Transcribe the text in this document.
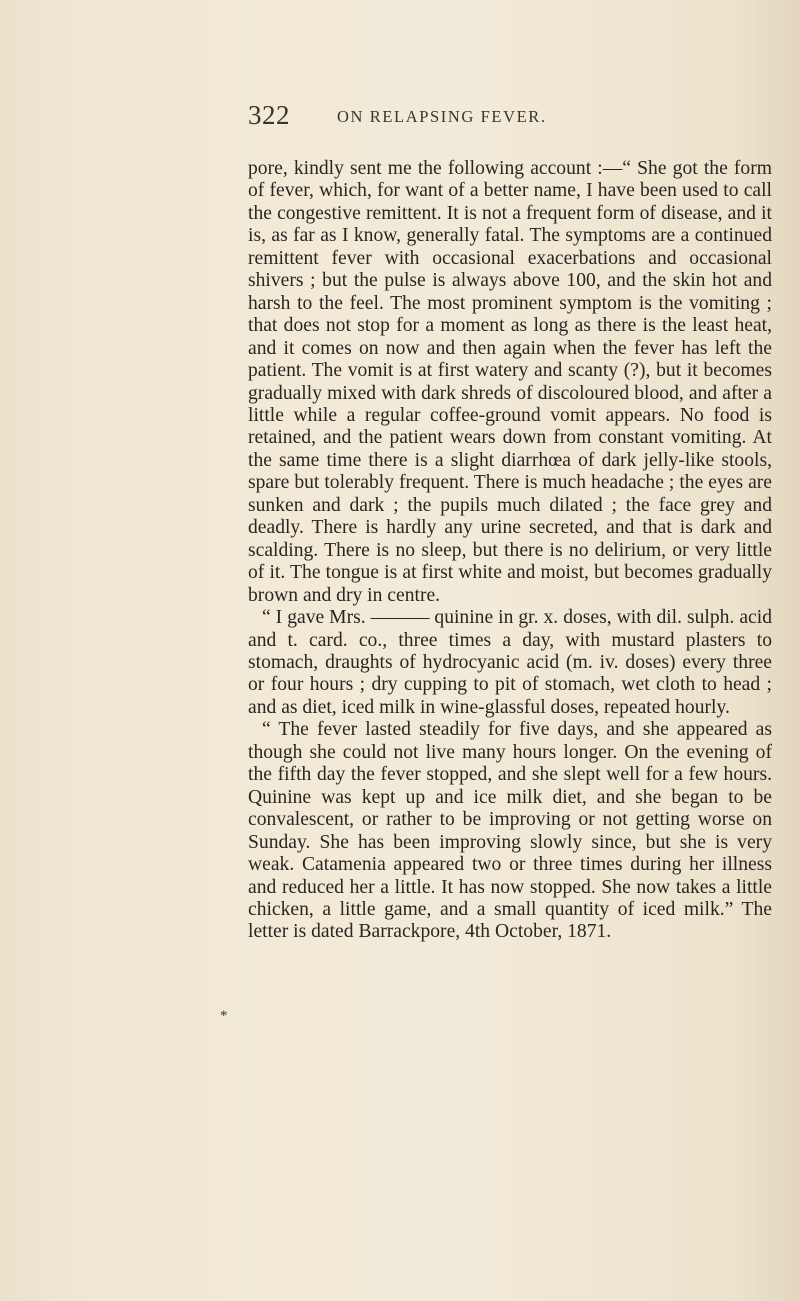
322	ON RELAPSING FEVER.

pore, kindly sent me the following account :—“ She got the form of fever, which, for want of a better name, I have been used to call the congestive remittent. It is not a frequent form of disease, and it is, as far as I know, generally fatal. The symptoms are a continued remittent fever with occasional exacerbations and occasional shivers ; but the pulse is always above 100, and the skin hot and harsh to the feel. The most prominent symptom is the vomiting ; that does not stop for a moment as long as there is the least heat, and it comes on now and then again when the fever has left the patient. The vomit is at first watery and scanty (?), but it becomes gradually mixed with dark shreds of discoloured blood, and after a little while a regular coffee-ground vomit appears. No food is retained, and the patient wears down from constant vomiting. At the same time there is a slight diarrhœa of dark jelly-like stools, spare but tolerably frequent. There is much headache ; the eyes are sunken and dark ; the pupils much dilated ; the face grey and deadly. There is hardly any urine secreted, and that is dark and scalding. There is no sleep, but there is no delirium, or very little of it. The tongue is at first white and moist, but becomes gradually brown and dry in centre.

“ I gave Mrs. ——— quinine in gr. x. doses, with dil. sulph. acid and t. card. co., three times a day, with mustard plasters to stomach, draughts of hydrocyanic acid (m. iv. doses) every three or four hours ; dry cupping to pit of stomach, wet cloth to head ; and as diet, iced milk in wine-glassful doses, repeated hourly.

“ The fever lasted steadily for five days, and she appeared as though she could not live many hours longer. On the evening of the fifth day the fever stopped, and she slept well for a few hours. Quinine was kept up and ice milk diet, and she began to be convalescent, or rather to be improving or not getting worse on Sunday. She has been improving slowly since, but she is very weak. Catamenia appeared two or three times during her illness and reduced her a little. It has now stopped. She now takes a little chicken, a little game, and a small quantity of iced milk.” The letter is dated Barrackpore, 4th October, 1871.

*
